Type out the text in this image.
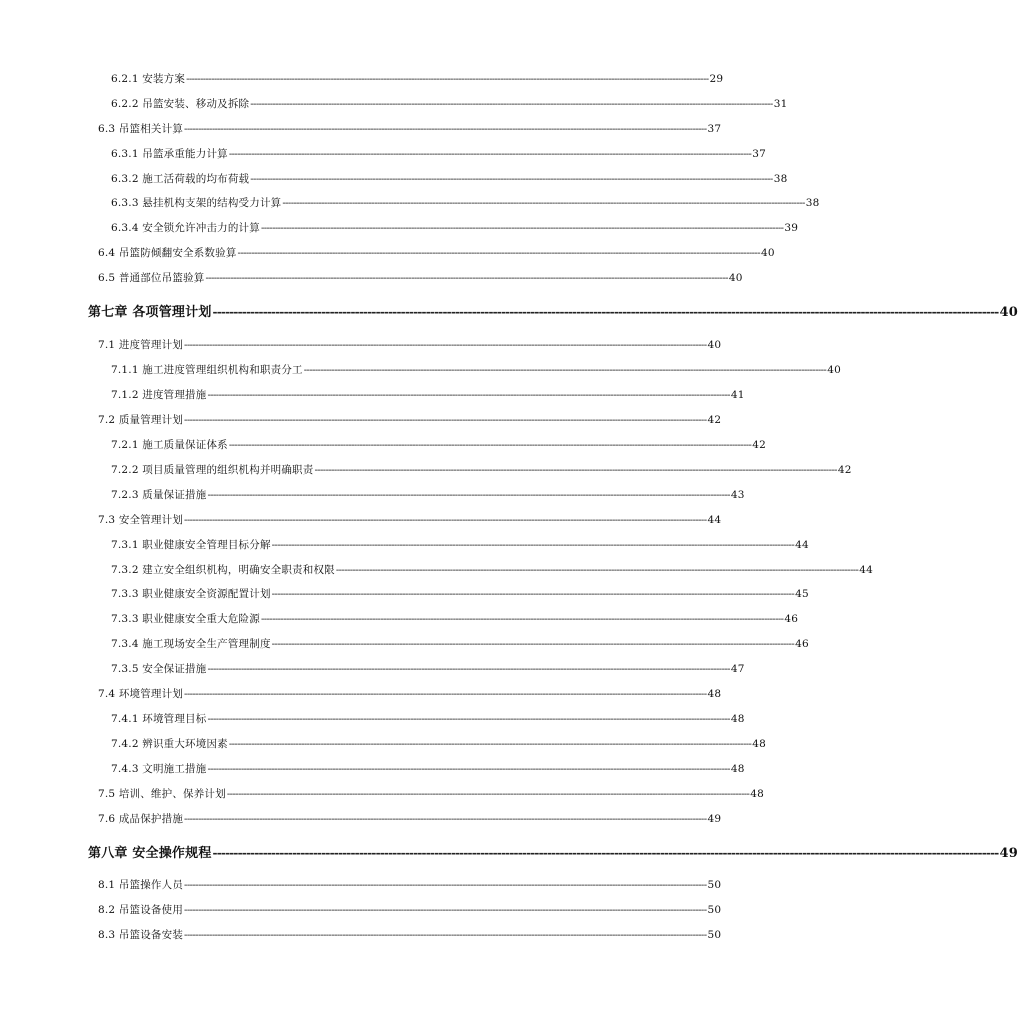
6.2.1 安装方案 -------------------------------------------------------------------------------------------------------------------------------------------------------------------------------------------- 29
6.2.2 吊篮安装、移动及拆除 -------------------------------------------------------------------------------------------------------------------------------------------------------------------------------------------- 31
6.3 吊篮相关计算 -------------------------------------------------------------------------------------------------------------------------------------------------------------------------------------------- 37
6.3.1 吊篮承重能力计算 -------------------------------------------------------------------------------------------------------------------------------------------------------------------------------------------- 37
6.3.2 施工活荷载的均布荷载 -------------------------------------------------------------------------------------------------------------------------------------------------------------------------------------------- 38
6.3.3 悬挂机构支架的结构受力计算 -------------------------------------------------------------------------------------------------------------------------------------------------------------------------------------------- 38
6.3.4 安全锁允许冲击力的计算 -------------------------------------------------------------------------------------------------------------------------------------------------------------------------------------------- 39
6.4 吊篮防倾翻安全系数验算 -------------------------------------------------------------------------------------------------------------------------------------------------------------------------------------------- 40
6.5 普通部位吊篮验算 -------------------------------------------------------------------------------------------------------------------------------------------------------------------------------------------- 40
第七章 各项管理计划 -------------------------------------------------------------------------------------------------------------------------------------------------------------------------------------------- 40
7.1 进度管理计划 -------------------------------------------------------------------------------------------------------------------------------------------------------------------------------------------- 40
7.1.1 施工进度管理组织机构和职责分工 -------------------------------------------------------------------------------------------------------------------------------------------------------------------------------------------- 40
7.1.2 进度管理措施 -------------------------------------------------------------------------------------------------------------------------------------------------------------------------------------------- 41
7.2 质量管理计划 -------------------------------------------------------------------------------------------------------------------------------------------------------------------------------------------- 42
7.2.1 施工质量保证体系 -------------------------------------------------------------------------------------------------------------------------------------------------------------------------------------------- 42
7.2.2 项目质量管理的组织机构并明确职责 -------------------------------------------------------------------------------------------------------------------------------------------------------------------------------------------- 42
7.2.3 质量保证措施 -------------------------------------------------------------------------------------------------------------------------------------------------------------------------------------------- 43
7.3 安全管理计划 -------------------------------------------------------------------------------------------------------------------------------------------------------------------------------------------- 44
7.3.1 职业健康安全管理目标分解 -------------------------------------------------------------------------------------------------------------------------------------------------------------------------------------------- 44
7.3.2 建立安全组织机构，明确安全职责和权限 -------------------------------------------------------------------------------------------------------------------------------------------------------------------------------------------- 44
7.3.3 职业健康安全资源配置计划 -------------------------------------------------------------------------------------------------------------------------------------------------------------------------------------------- 45
7.3.3 职业健康安全重大危险源 -------------------------------------------------------------------------------------------------------------------------------------------------------------------------------------------- 46
7.3.4 施工现场安全生产管理制度 -------------------------------------------------------------------------------------------------------------------------------------------------------------------------------------------- 46
7.3.5 安全保证措施 -------------------------------------------------------------------------------------------------------------------------------------------------------------------------------------------- 47
7.4 环境管理计划 -------------------------------------------------------------------------------------------------------------------------------------------------------------------------------------------- 48
7.4.1 环境管理目标 -------------------------------------------------------------------------------------------------------------------------------------------------------------------------------------------- 48
7.4.2 辨识重大环境因素 -------------------------------------------------------------------------------------------------------------------------------------------------------------------------------------------- 48
7.4.3 文明施工措施 -------------------------------------------------------------------------------------------------------------------------------------------------------------------------------------------- 48
7.5 培训、维护、保养计划 -------------------------------------------------------------------------------------------------------------------------------------------------------------------------------------------- 48
7.6 成品保护措施 -------------------------------------------------------------------------------------------------------------------------------------------------------------------------------------------- 49
第八章 安全操作规程 -------------------------------------------------------------------------------------------------------------------------------------------------------------------------------------------- 49
8.1 吊篮操作人员 -------------------------------------------------------------------------------------------------------------------------------------------------------------------------------------------- 50
8.2 吊篮设备使用 -------------------------------------------------------------------------------------------------------------------------------------------------------------------------------------------- 50
8.3 吊篮设备安装 -------------------------------------------------------------------------------------------------------------------------------------------------------------------------------------------- 50
